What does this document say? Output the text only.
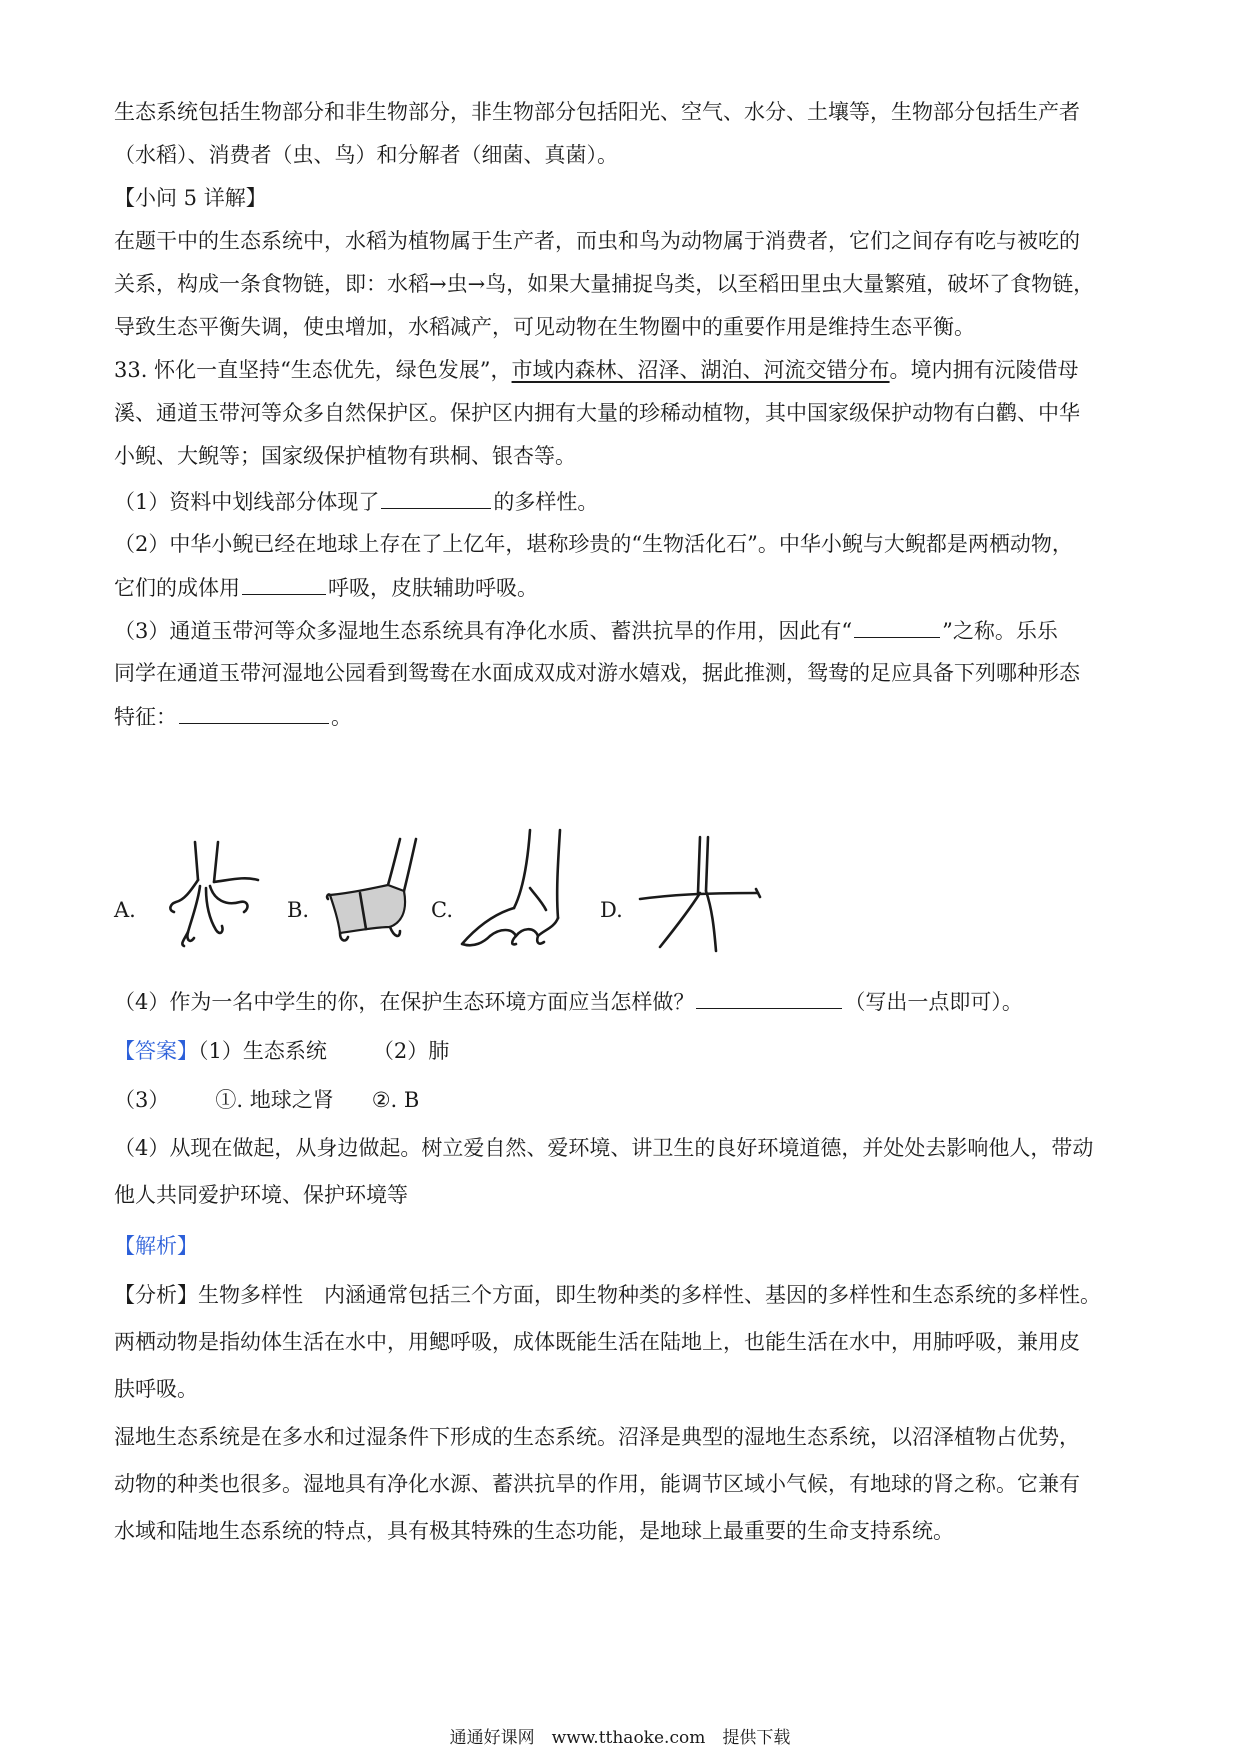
生态系统包括生物部分和非生物部分，非生物部分包括阳光、空气、水分、土壤等，生物部分包括生产者
（水稻）、消费者（虫、鸟）和分解者（细菌、真菌）。
【小问 5 详解】
在题干中的生态系统中，水稻为植物属于生产者，而虫和鸟为动物属于消费者，它们之间存有吃与被吃的
关系，构成一条食物链，即：水稻→虫→鸟，如果大量捕捉鸟类，以至稻田里虫大量繁殖，破坏了食物链，
导致生态平衡失调，使虫增加，水稻减产，可见动物在生物圈中的重要作用是维持生态平衡。
33. 怀化一直坚持“生态优先，绿色发展”，市域内森林、沼泽、湖泊、河流交错分布。境内拥有沅陵借母
溪、通道玉带河等众多自然保护区。保护区内拥有大量的珍稀动植物，其中国家级保护动物有白鹳、中华
小鲵、大鲵等；国家级保护植物有珙桐、银杏等。
（1）资料中划线部分体现了	的多样性。
（2）中华小鲵已经在地球上存在了上亿年，堪称珍贵的“生物活化石”。中华小鲵与大鲵都是两栖动物，
它们的成体用	呼吸，皮肤辅助呼吸。
（3）通道玉带河等众多湿地生态系统具有净化水质、蓄洪抗旱的作用，因此有“	”之称。乐乐
同学在通道玉带河湿地公园看到鸳鸯在水面成双成对游水嬉戏，据此推测，鸳鸯的足应具备下列哪种形态
特征：	。
A.	B.	C.	D.
（4）作为一名中学生的你，在保护生态环境方面应当怎样做？	（写出一点即可）。
【答案】（1）生态系统 （2）肺
（3） ①. 地球之肾 ②. B
（4）从现在做起，从身边做起。树立爱自然、爱环境、讲卫生的良好环境道德，并处处去影响他人，带动
他人共同爱护环境、保护环境等
【解析】
【分析】生物多样性　内涵通常包括三个方面，即生物种类的多样性、基因的多样性和生态系统的多样性。
两栖动物是指幼体生活在水中，用鳃呼吸，成体既能生活在陆地上，也能生活在水中，用肺呼吸，兼用皮
肤呼吸。
湿地生态系统是在多水和过湿条件下形成的生态系统。沼泽是典型的湿地生态系统，以沼泽植物占优势，
动物的种类也很多。湿地具有净化水源、蓄洪抗旱的作用，能调节区域小气候，有地球的肾之称。它兼有
水域和陆地生态系统的特点，具有极其特殊的生态功能，是地球上最重要的生命支持系统。
通通好课网　www.tthaoke.com　提供下载
